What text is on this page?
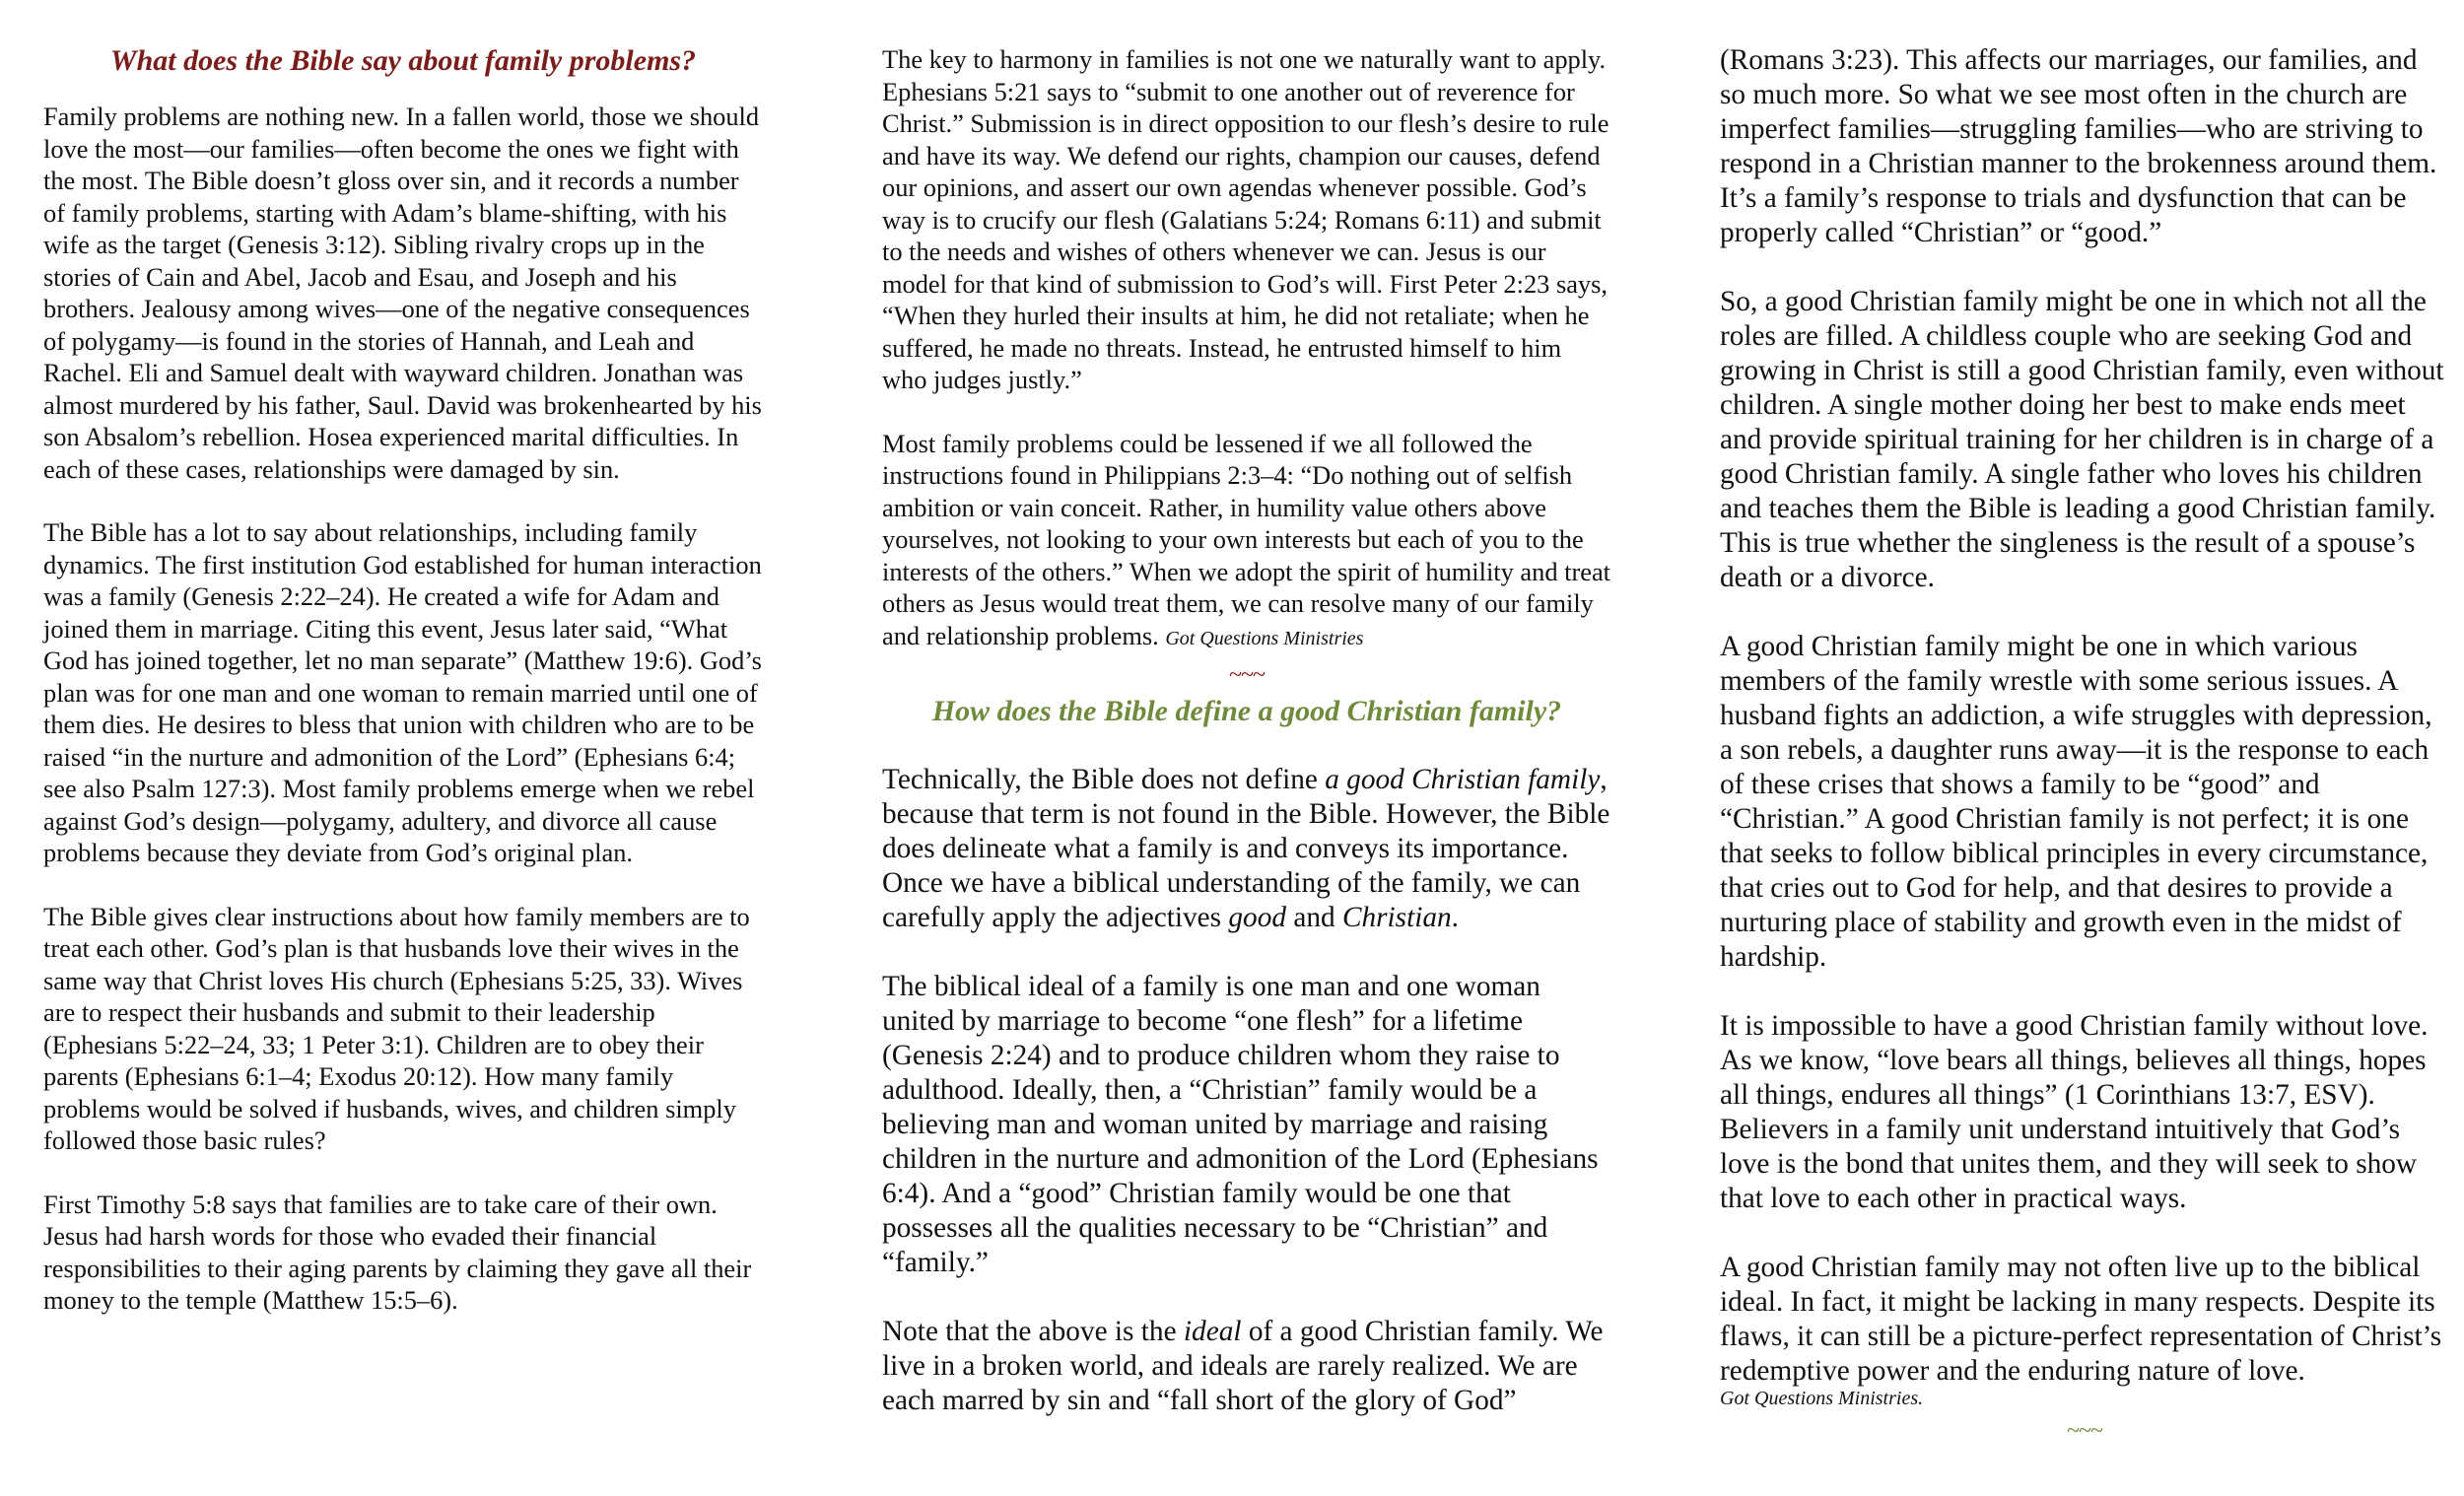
What does the Bible say about family problems?

Family problems are nothing new. In a fallen world, those we should love the most—our families—often become the ones we fight with the most. The Bible doesn’t gloss over sin, and it records a number of family problems, starting with Adam’s blame-shifting, with his wife as the target (Genesis 3:12). Sibling rivalry crops up in the stories of Cain and Abel, Jacob and Esau, and Joseph and his brothers. Jealousy among wives—one of the negative consequences of polygamy—is found in the stories of Hannah, and Leah and Rachel. Eli and Samuel dealt with wayward children. Jonathan was almost murdered by his father, Saul. David was brokenhearted by his son Absalom’s rebellion. Hosea experienced marital difficulties. In each of these cases, relationships were damaged by sin.

The Bible has a lot to say about relationships, including family dynamics. The first institution God established for human interaction was a family (Genesis 2:22–24). He created a wife for Adam and joined them in marriage. Citing this event, Jesus later said, “What God has joined together, let no man separate” (Matthew 19:6). God’s plan was for one man and one woman to remain married until one of them dies. He desires to bless that union with children who are to be raised “in the nurture and admonition of the Lord” (Ephesians 6:4; see also Psalm 127:3). Most family problems emerge when we rebel against God’s design—polygamy, adultery, and divorce all cause problems because they deviate from God’s original plan.

The Bible gives clear instructions about how family members are to treat each other. God’s plan is that husbands love their wives in the same way that Christ loves His church (Ephesians 5:25, 33). Wives are to respect their husbands and submit to their leadership (Ephesians 5:22–24, 33; 1 Peter 3:1). Children are to obey their parents (Ephesians 6:1–4; Exodus 20:12). How many family problems would be solved if husbands, wives, and children simply followed those basic rules?

First Timothy 5:8 says that families are to take care of their own. Jesus had harsh words for those who evaded their financial responsibilities to their aging parents by claiming they gave all their money to the temple (Matthew 15:5–6).

The key to harmony in families is not one we naturally want to apply. Ephesians 5:21 says to “submit to one another out of reverence for Christ.” Submission is in direct opposition to our flesh’s desire to rule and have its way. We defend our rights, champion our causes, defend our opinions, and assert our own agendas whenever possible. God’s way is to crucify our flesh (Galatians 5:24; Romans 6:11) and submit to the needs and wishes of others whenever we can. Jesus is our model for that kind of submission to God’s will. First Peter 2:23 says, “When they hurled their insults at him, he did not retaliate; when he suffered, he made no threats. Instead, he entrusted himself to him who judges justly.”

Most family problems could be lessened if we all followed the instructions found in Philippians 2:3–4: “Do nothing out of selfish ambition or vain conceit. Rather, in humility value others above yourselves, not looking to your own interests but each of you to the interests of the others.” When we adopt the spirit of humility and treat others as Jesus would treat them, we can resolve many of our family and relationship problems. Got Questions Ministries

~~~
How does the Bible define a good Christian family?

Technically, the Bible does not define a good Christian family, because that term is not found in the Bible. However, the Bible does delineate what a family is and conveys its importance. Once we have a biblical understanding of the family, we can carefully apply the adjectives good and Christian.

The biblical ideal of a family is one man and one woman united by marriage to become “one flesh” for a lifetime (Genesis 2:24) and to produce children whom they raise to adulthood. Ideally, then, a “Christian” family would be a believing man and woman united by marriage and raising children in the nurture and admonition of the Lord (Ephesians 6:4). And a “good” Christian family would be one that possesses all the qualities necessary to be “Christian” and “family.”

Note that the above is the ideal of a good Christian family. We live in a broken world, and ideals are rarely realized. We are each marred by sin and “fall short of the glory of God”

(Romans 3:23). This affects our marriages, our families, and so much more. So what we see most often in the church are imperfect families—struggling families—who are striving to respond in a Christian manner to the brokenness around them. It’s a family’s response to trials and dysfunction that can be properly called “Christian” or “good.”

So, a good Christian family might be one in which not all the roles are filled. A childless couple who are seeking God and growing in Christ is still a good Christian family, even without children. A single mother doing her best to make ends meet and provide spiritual training for her children is in charge of a good Christian family. A single father who loves his children and teaches them the Bible is leading a good Christian family. This is true whether the singleness is the result of a spouse’s death or a divorce.

A good Christian family might be one in which various members of the family wrestle with some serious issues. A husband fights an addiction, a wife struggles with depression, a son rebels, a daughter runs away—it is the response to each of these crises that shows a family to be “good” and “Christian.” A good Christian family is not perfect; it is one that seeks to follow biblical principles in every circumstance, that cries out to God for help, and that desires to provide a nurturing place of stability and growth even in the midst of hardship.

It is impossible to have a good Christian family without love. As we know, “love bears all things, believes all things, hopes all things, endures all things” (1 Corinthians 13:7, ESV). Believers in a family unit understand intuitively that God’s love is the bond that unites them, and they will seek to show that love to each other in practical ways.

A good Christian family may not often live up to the biblical ideal. In fact, it might be lacking in many respects. Despite its flaws, it can still be a picture-perfect representation of Christ’s redemptive power and the enduring nature of love.

Got Questions Ministries.
~~~
